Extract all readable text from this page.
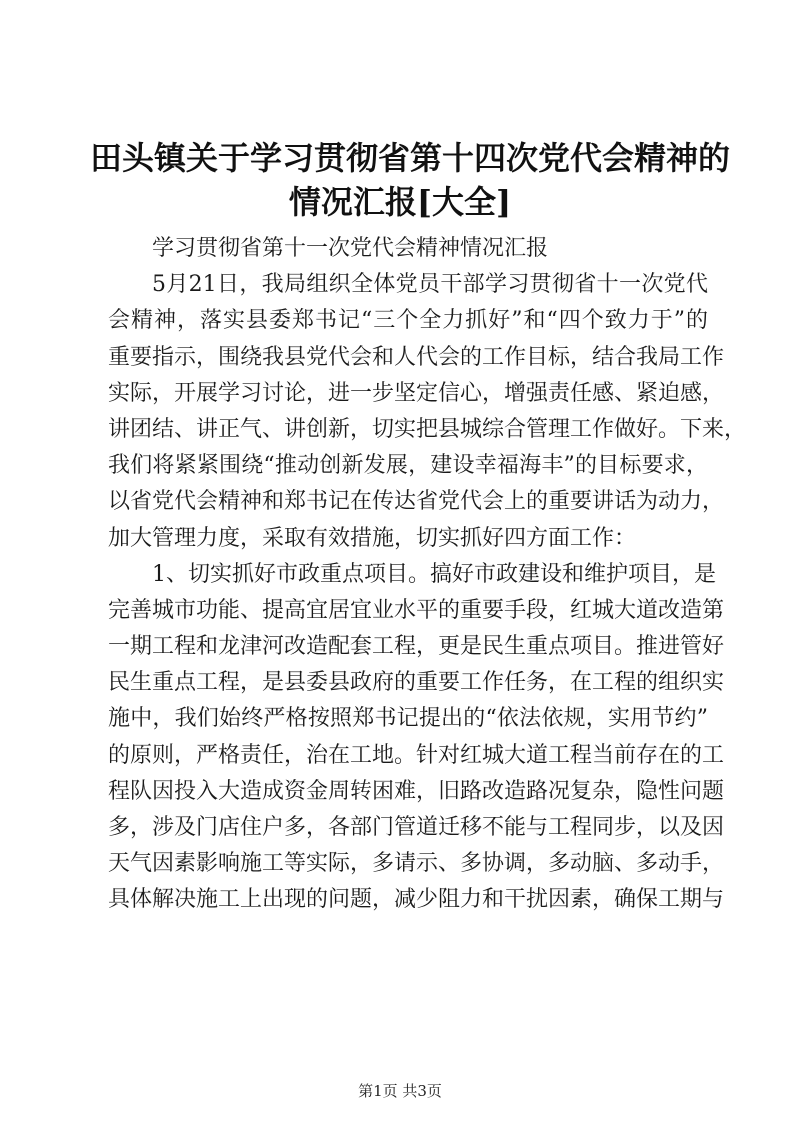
田头镇关于学习贯彻省第十四次党代会精神的
情况汇报[大全]
学习贯彻省第十一次党代会精神情况汇报
5月21日，我局组织全体党员干部学习贯彻省十一次党代
会精神，落实县委郑书记“三个全力抓好”和“四个致力于”的
重要指示，围绕我县党代会和人代会的工作目标，结合我局工作
实际，开展学习讨论，进一步坚定信心，增强责任感、紧迫感，
讲团结、讲正气、讲创新，切实把县城综合管理工作做好。下来，
我们将紧紧围绕“推动创新发展，建设幸福海丰”的目标要求，
以省党代会精神和郑书记在传达省党代会上的重要讲话为动力，
加大管理力度，采取有效措施，切实抓好四方面工作：
1、切实抓好市政重点项目。搞好市政建设和维护项目，是
完善城市功能、提高宜居宜业水平的重要手段，红城大道改造第
一期工程和龙津河改造配套工程，更是民生重点项目。推进管好
民生重点工程，是县委县政府的重要工作任务，在工程的组织实
施中，我们始终严格按照郑书记提出的“依法依规，实用节约”
的原则，严格责任，治在工地。针对红城大道工程当前存在的工
程队因投入大造成资金周转困难，旧路改造路况复杂，隐性问题
多，涉及门店住户多，各部门管道迁移不能与工程同步，以及因
天气因素影响施工等实际，多请示、多协调，多动脑、多动手，
具体解决施工上出现的问题，减少阻力和干扰因素，确保工期与
第1页 共3页
